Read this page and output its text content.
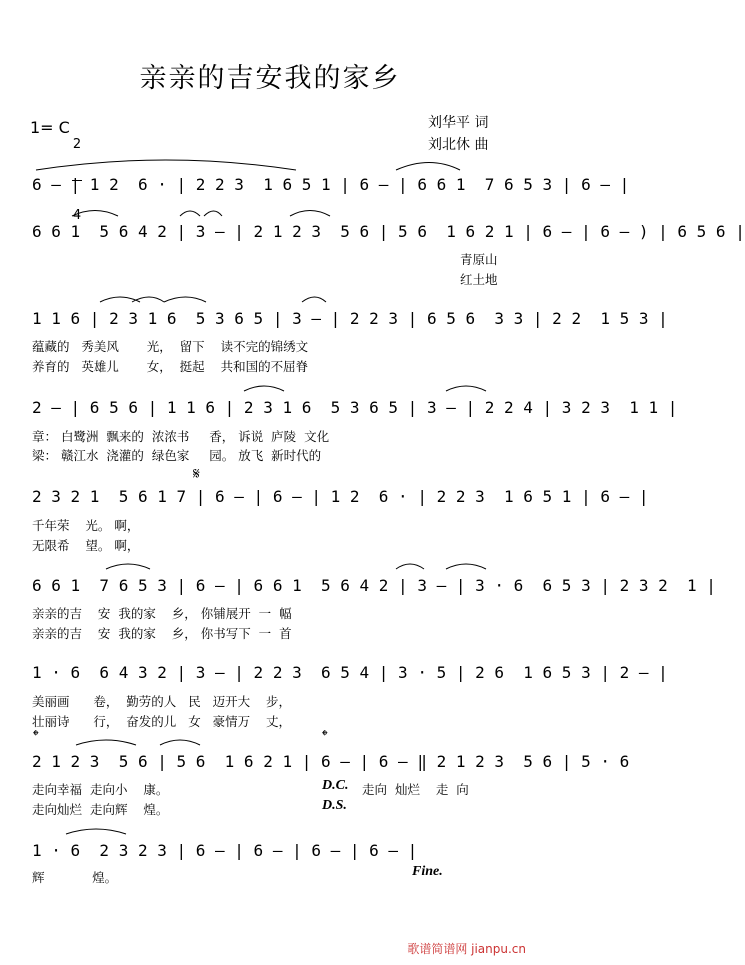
亲亲的吉安我的家乡
刘华平 词
刘北休 曲
1= C

2

4

6 – | 1 2  6 · | 2 2 3  1 6 5 1 | 6 – | 6 6 1  7 6 5 3 | 6 – |
6 6 1  5 6 4 2 | 3 – | 2 1 2 3  5 6 | 5 6  1 6 2 1 | 6 – | 6 – ) | 6 5 6 |
青原山
红土地
1 1 6 | 2 3 1 6  5 3 6 5 | 3 – | 2 2 3 | 6 5 6  3 3 | 2 2  1 5 3 |
蕴藏的   秀美风       光，  留下    读不完的锦绣文
养育的   英雄儿       女，  挺起    共和国的不屈脊
2 – | 6 5 6 | 1 1 6 | 2 3 1 6  5 3 6 5 | 3 – | 2 2 4 | 3 2 3  1 1 |
章： 白鹭洲  飘来的  浓浓书     香， 诉说  庐陵  文化
梁： 赣江水  浇灌的  绿色家     园。 放飞  新时代的
𝄋
2 3 2 1  5 6 1 7 | 6 – | 6 – | 1 2  6 · | 2 2 3  1 6 5 1 | 6 – |
千年荣    光。 啊，
无限希    望。 啊，
6 6 1  7 6 5 3 | 6 – | 6 6 1  5 6 4 2 | 3 – | 3 · 6  6 5 3 | 2 3 2  1 |
亲亲的吉    安  我的家    乡， 你铺展开  一  幅
亲亲的吉    安  我的家    乡， 你书写下  一  首
1 · 6  6 4 3 2 | 3 – | 2 2 3  6 5 4 | 3 · 5 | 2 6  1 6 5 3 | 2 – |
美丽画      卷，  勤劳的人   民   迈开大    步，
壮丽诗      行，  奋发的儿   女   豪情万    丈，
𝄌	𝄌
2 1 2 3  5 6 | 5 6  1 6 2 1 | 6 – | 6 – ‖ 2 1 2 3  5 6 | 5 · 6
走向幸福  走向小    康。
走向灿烂  走向辉    煌。
D.C.
D.S.
走向  灿烂    走  向
1 · 6  2 3 2 3 | 6 – | 6 – | 6 – | 6 – |
辉            煌。	Fine.
歌谱简谱网 jianpu.cn
